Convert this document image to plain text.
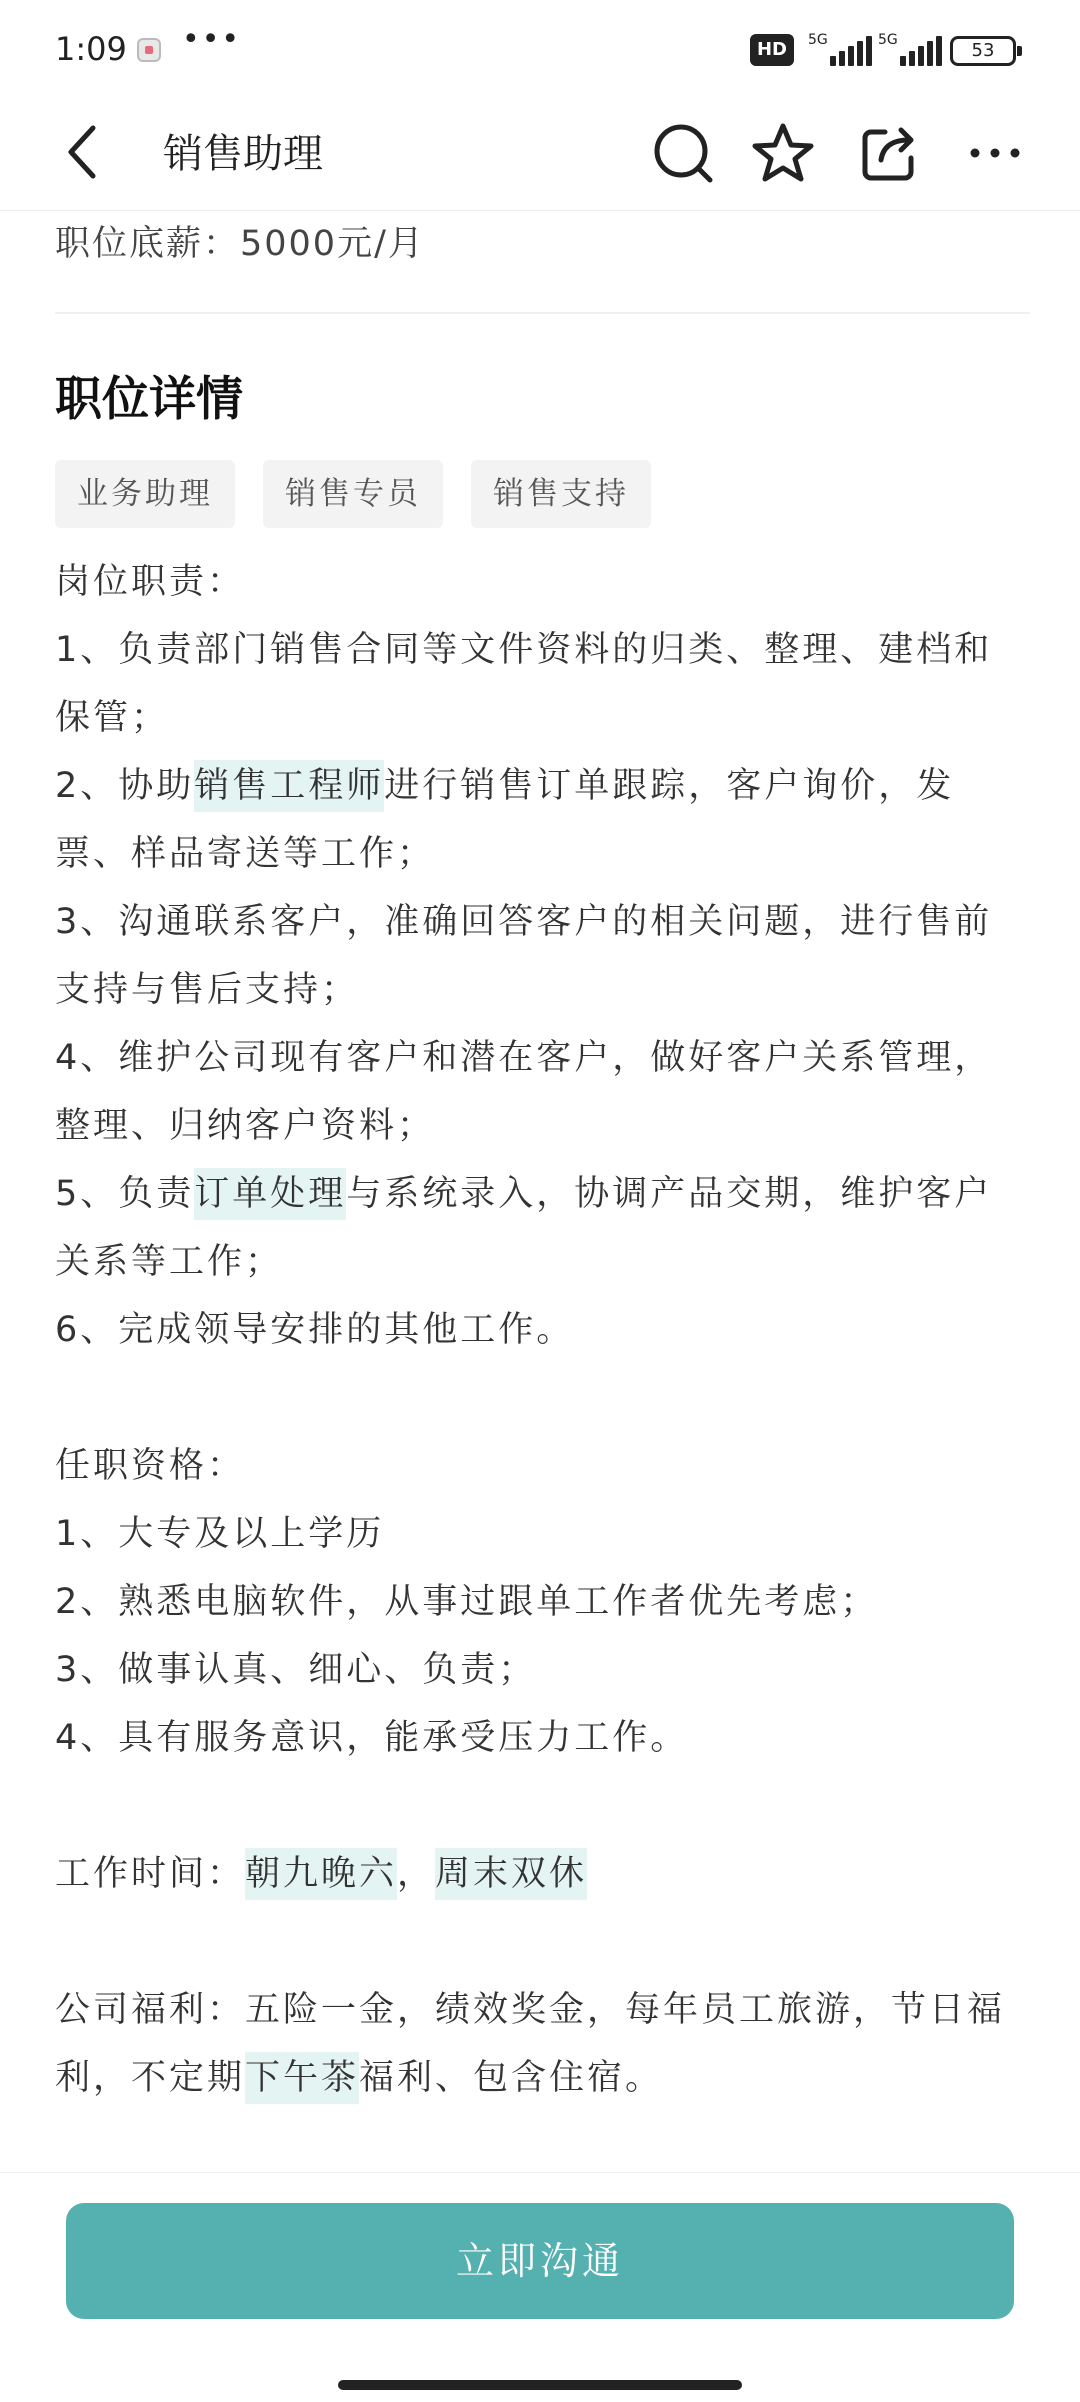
1:09 •••	HD	5G	5G	53
销售助理
职位底薪：5000元/月
职位详情
业务助理	销售专员	销售支持

岗位职责：

1、负责部门销售合同等文件资料的归类、整理、建档和保管；

2、协助销售工程师进行销售订单跟踪，客户询价，发票、样品寄送等工作；

3、沟通联系客户，准确回答客户的相关问题，进行售前支持与售后支持；

4、维护公司现有客户和潜在客户，做好客户关系管理，整理、归纳客户资料；

5、负责订单处理与系统录入，协调产品交期，维护客户关系等工作；

6、完成领导安排的其他工作。

任职资格：

1、大专及以上学历

2、熟悉电脑软件，从事过跟单工作者优先考虑；

3、做事认真、细心、负责；

4、具有服务意识，能承受压力工作。

工作时间：朝九晚六，周末双休

公司福利：五险一金，绩效奖金，每年员工旅游，节日福利，不定期下午茶福利、包含住宿。

立即沟通
